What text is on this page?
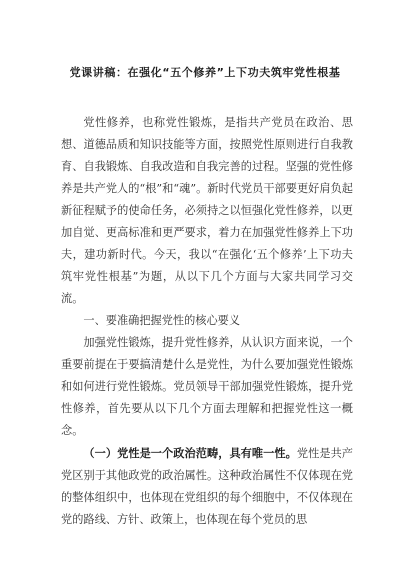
党课讲稿：在强化“五个修养”上下功夫筑牢党性根基

党性修养，也称党性锻炼，是指共产党员在政治、思想、道德品质和知识技能等方面，按照党性原则进行自我教育、自我锻炼、自我改造和自我完善的过程。坚强的党性修养是共产党人的“根”和“魂”。新时代党员干部要更好肩负起新征程赋予的使命任务，必须持之以恒强化党性修养，以更加自觉、更高标准和更严要求，着力在加强党性修养上下功夫，建功新时代。今天，我以“在强化‘五个修养’上下功夫筑牢党性根基”为题，从以下几个方面与大家共同学习交流。

一、要准确把握党性的核心要义

加强党性锻炼，提升党性修养，从认识方面来说，一个重要前提在于要搞清楚什么是党性，为什么要加强党性锻炼和如何进行党性锻炼。党员领导干部加强党性锻炼，提升党性修养，首先要从以下几个方面去理解和把握党性这一概念。

（一）党性是一个政治范畴，具有唯一性。党性是共产党区别于其他政党的政治属性。这种政治属性不仅体现在党的整体组织中，也体现在党组织的每个细胞中，不仅体现在党的路线、方针、政策上，也体现在每个党员的思
